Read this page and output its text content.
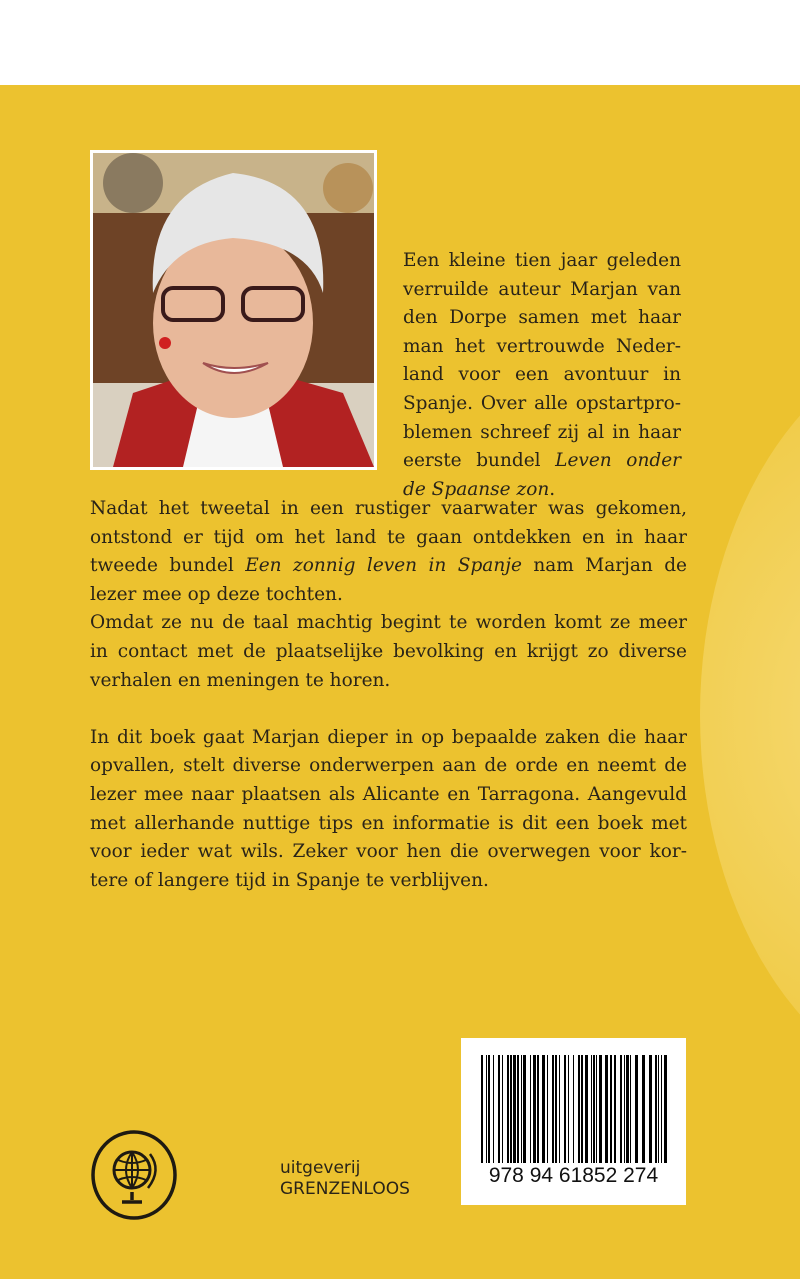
Een kleine tien jaar geleden
verruilde auteur Marjan van
den Dorpe samen met haar
man het vertrouwde Neder-
land voor een avontuur in
Spanje. Over alle opstartpro-
blemen schreef zij al in haar
eerste bundel Leven onder
de Spaanse zon.
Nadat het tweetal in een rustiger vaarwater was gekomen,
ontstond er tijd om het land te gaan ontdekken en in haar
tweede bundel Een zonnig leven in Spanje nam Marjan de
lezer mee op deze tochten.
Omdat ze nu de taal machtig begint te worden komt ze meer
in contact met de plaatselijke bevolking en krijgt zo diverse
verhalen en meningen te horen.

In dit boek gaat Marjan dieper in op bepaalde zaken die haar
opvallen, stelt diverse onderwerpen aan de orde en neemt de
lezer mee naar plaatsen als Alicante en Tarragona. Aangevuld
met allerhande nuttige tips en informatie is dit een boek met
voor ieder wat wils. Zeker voor hen die overwegen voor kor-
tere of langere tijd in Spanje te verblijven.
uitgeverij
GRENZENLOOS
978 94 61852 274
